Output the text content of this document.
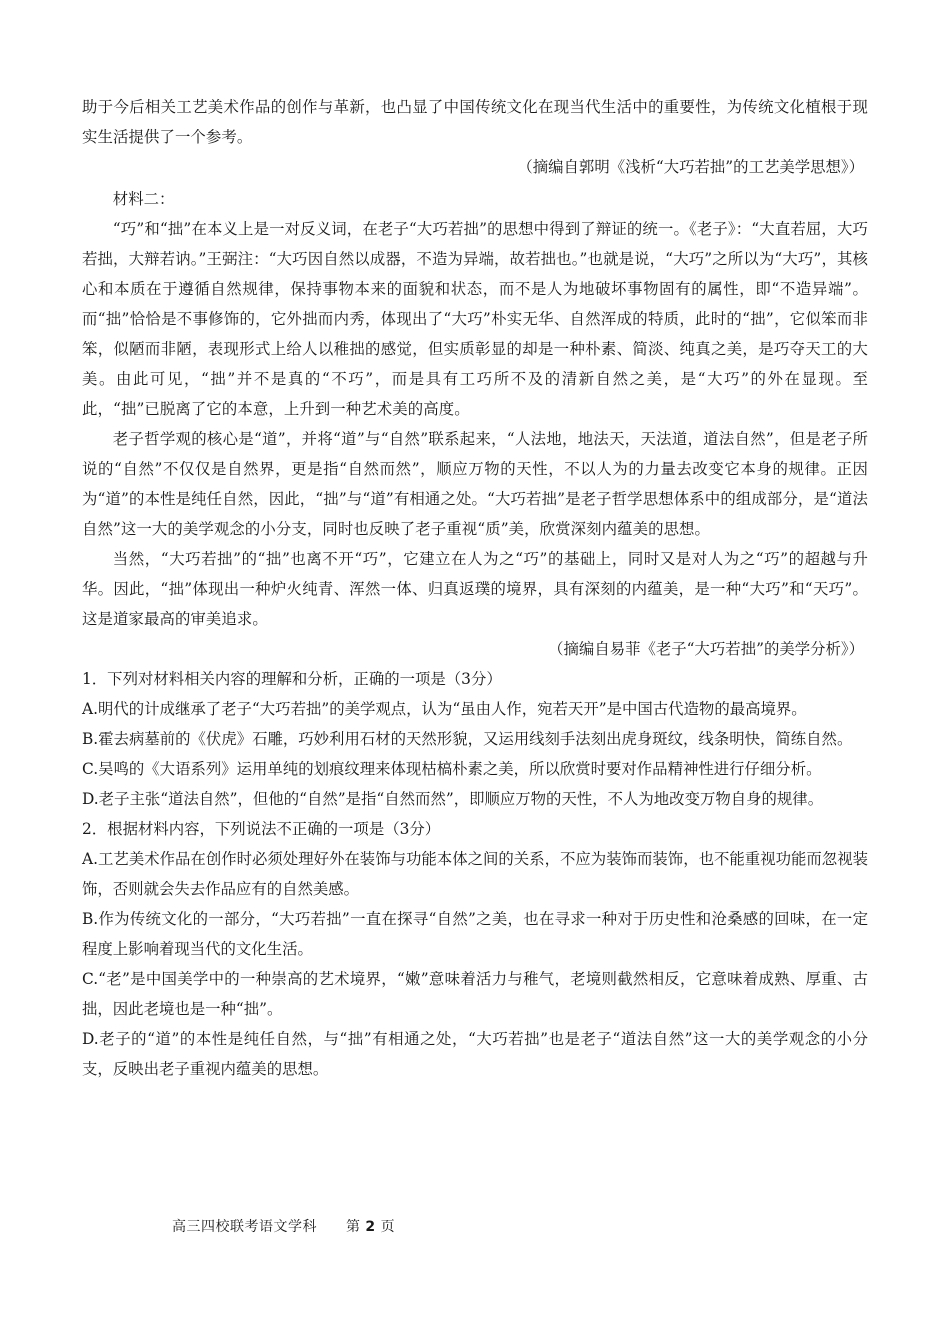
助于今后相关工艺美术作品的创作与革新，也凸显了中国传统文化在现当代生活中的重要性，为传统文化植根于现实生活提供了一个参考。

（摘编自郭明《浅析“大巧若拙”的工艺美学思想》）

材料二：

“巧”和“拙”在本义上是一对反义词，在老子“大巧若拙”的思想中得到了辩证的统一。《老子》：“大直若屈，大巧若拙，大辩若讷。”王弼注：“大巧因自然以成器，不造为异端，故若拙也。”也就是说，“大巧”之所以为“大巧”，其核心和本质在于遵循自然规律，保持事物本来的面貌和状态，而不是人为地破坏事物固有的属性，即“不造异端”。而“拙”恰恰是不事修饰的，它外拙而内秀，体现出了“大巧”朴实无华、自然浑成的特质，此时的“拙”，它似笨而非笨，似陋而非陋，表现形式上给人以稚拙的感觉，但实质彰显的却是一种朴素、简淡、纯真之美，是巧夺天工的大美。由此可见，“拙”并不是真的“不巧”，而是具有工巧所不及的清新自然之美，是“大巧”的外在显现。至此，“拙”已脱离了它的本意，上升到一种艺术美的高度。

老子哲学观的核心是“道”，并将“道”与“自然”联系起来，“人法地，地法天，天法道，道法自然”，但是老子所说的“自然”不仅仅是自然界，更是指“自然而然”，顺应万物的天性，不以人为的力量去改变它本身的规律。正因为“道”的本性是纯任自然，因此，“拙”与“道”有相通之处。“大巧若拙”是老子哲学思想体系中的组成部分，是“道法自然”这一大的美学观念的小分支，同时也反映了老子重视“质”美，欣赏深刻内蕴美的思想。

当然，“大巧若拙”的“拙”也离不开“巧”，它建立在人为之“巧”的基础上，同时又是对人为之“巧”的超越与升华。因此，“拙”体现出一种炉火纯青、浑然一体、归真返璞的境界，具有深刻的内蕴美，是一种“大巧”和“天巧”。这是道家最高的审美追求。

（摘编自易菲《老子“大巧若拙”的美学分析》）

1．下列对材料相关内容的理解和分析，正确的一项是（3分）

A.明代的计成继承了老子“大巧若拙”的美学观点，认为“虽由人作，宛若天开”是中国古代造物的最高境界。

B.霍去病墓前的《伏虎》石雕，巧妙利用石材的天然形貌，又运用线刻手法刻出虎身斑纹，线条明快，简练自然。

C.吴鸣的《大语系列》运用单纯的划痕纹理来体现枯槁朴素之美，所以欣赏时要对作品精神性进行仔细分析。

D.老子主张“道法自然”，但他的“自然”是指“自然而然”，即顺应万物的天性，不人为地改变万物自身的规律。

2．根据材料内容，下列说法不正确的一项是（3分）

A.工艺美术作品在创作时必须处理好外在装饰与功能本体之间的关系，不应为装饰而装饰，也不能重视功能而忽视装饰，否则就会失去作品应有的自然美感。

B.作为传统文化的一部分，“大巧若拙”一直在探寻“自然”之美，也在寻求一种对于历史性和沧桑感的回味，在一定程度上影响着现当代的文化生活。

C.“老”是中国美学中的一种崇高的艺术境界，“嫩”意味着活力与稚气，老境则截然相反，它意味着成熟、厚重、古拙，因此老境也是一种“拙”。

D.老子的“道”的本性是纯任自然，与“拙”有相通之处，“大巧若拙”也是老子“道法自然”这一大的美学观念的小分支，反映出老子重视内蕴美的思想。

高三四校联考语文学科 第 2 页
